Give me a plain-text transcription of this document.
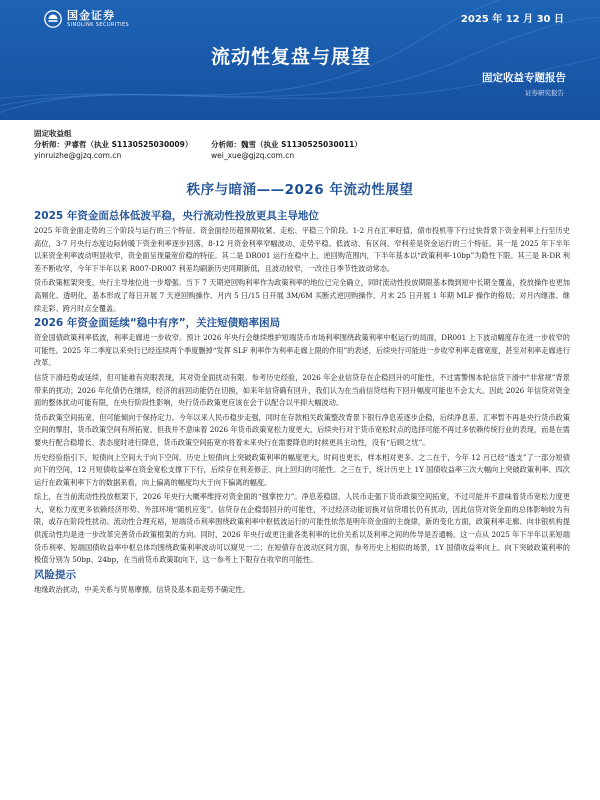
国金证券
SINOLINK SECURITIES	2025 年 12 月 30 日
流动性复盘与展望
固定收益专题报告
证券研究报告
固定收益组
分析师：尹睿哲（执业 S1130525030009）
yinruizhe@gjzq.com.cn
分析师：魏雪（执业 S1130525030011）
wei_xue@gjzq.com.cn
秩序与暗涌——2026 年流动性展望
2025 年资金面总体低波平稳，央行流动性投放更具主导地位

2025 年资金面走势的三个阶段与运行的三个特征。资金面经历超预期收紧、走松、平稳三个阶段。1-2 月在汇率旺值、债市投机等下行过快背景下资金利率上行至历史高位，3-7 月央行态度边际转暖下资金利率逐步回落，8-12 月资金利率窄幅波动、走势平稳。低波动、有区间、窄利差是资金运行的三个特征。其一是 2025 年下半年以来资金利率波动明显收窄，资金面呈现量宽价稳的特征。其二是 DR001 运行在稳中上、逆回购范围内，下半年基本以“政策利率-10bp”为隐性下限。其三是 R-DR 利差不断收窄，今年下半年以来 R007-DR007 利差均刷新历史同期新低，且波动较窄，一改往日季节性波动常态。

货币政策框架突变，央行主导地位进一步增强。当下 7 天期逆回购利率作为政策利率的地位已完全确立，同时流动性投放期限基本微到短中长期全覆盖，投放操作也更加高频化、透明化，基本形成了每日开展 7 天逆回购操作、月内 5 日/15 日开展 3M/6M 买断式逆回购操作、月末 25 日开展 1 年期 MLF 操作的格局；对月内继准、继续走彩、跨月时点全覆盖。

2026 年资金面延续“稳中有序”，关注短债赔率困局

资金国债政策利率低波，利率走廊进一步收窄。预计 2026 年央行会继续维护短端货币市场利率围绕政策利率中枢运行的局面，DR001 上下波动幅度存在进一步收窄的可能性。2025 年二季度以来央行已经连续两个季度删掉“发挥 SLF 利率作为利率走廊上限的作用”的表述，后续央行可能进一步收窄利率走廊宽度，甚至对利率走廊进行改革。

信贷下滑趋势或延续，但可能难有亮眼表现，其对资金面扰动有限。参考历史经验，2026 年企业信贷存在企稳回升的可能性，不过需警惕本轮信贷下滑中“非常规”背景带来的扰动；2026 年化债仍在继续，经济的前回动能仍在切换，如来年信贷确有回升，我们认为在当前信贷结构下回升幅度可能也不会太大。因此 2026 年信贷对资金面的整体扰动可能有限，在央行阶段性影响，央行货币政策更应该在会于以配合以平抑大幅波动。

货币政策空间拓宽，但可能倾向于保持定力。今年以来人民币稳步走强，同时在存款相关政策整改背景下银行净息差逐步企稳，后续净息差、汇率暂不再是央行货币政策空间的掣肘，货币政策空间有所拓宽。但我并不意味着 2026 年货币政策宽松力度更大，后续央行对于货币宽松时点的选择可能不再过多依赖传统行业的表现，而是在需要央行配合稳增长、表态度时进行降息，货币政策空间拓宽亦将着未来央行在需要降息的时候更具主动性，没有“后顾之忧”。

历史经验指引下，短债向上空间大于向下空间。历史上短债向上突破政策利率的幅度更大，时间也更长，样本相对更多。之二在于，今年 12 月已经“透支”了一部分短债向下的空间，12 月短债收益率在资金宽松支撑下下行，后续存在利差修正、向上回归的可能性。之三在于，统计历史上 1Y 国债收益率三次大幅向上突破政策利率、四次运行在政策利率下方的数据来看，向上偏离的幅度均大于向下偏离的幅度。

综上，在当前流动性投放框架下，2026 年央行大概率维持对资金面的“强掌控力”。净息差稳固、人民币走强下货币政策空间拓宽，不过可能并不意味着货币宽松力度更大，宽松力度更多依赖经济形势、外部环境“随机应变”。信贷存在企稳弱回升的可能性，不过经济动能切换对信贷增长仍有扰动，因此信贷对资金面的总体影响较为有限，或存在阶段性扰动。流动性合理充裕，短端货币利率围绕政策利率中枢低波运行的可能性依然是明年资金面的主旋律，新的变化方面，政策利率走廊、向非银机构提供流动性均是进一步改革完善货币政策框架的方向。同时，2026 年央行或更注重各类利率的比价关系以及利率之间的传导是否通畅。这一点从 2025 年下半年以来短端货币利率、短端国债收益率中枢总体均围绕政策利率波动可以窥见一二；在短债存在波动区间方面，参考历史上相似的场景，1Y 国债收益率向上、向下突破政策利率的极值分别为 50bp、24bp，在当前货币政策取向下，这一参考上下限存在收窄的可能性。

风险提示

地缘政治扰动，中美关系与贸易摩擦，信贷及基本面走势不确定性。
